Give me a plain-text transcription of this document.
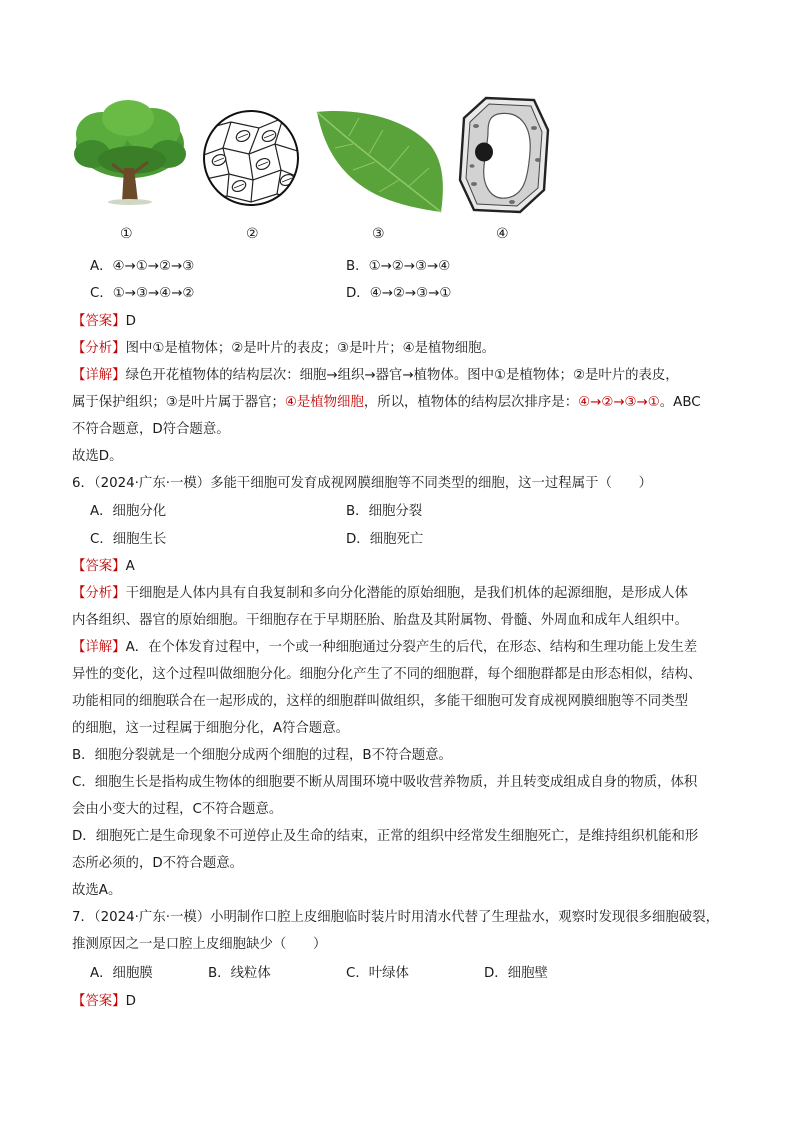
①	②	③	④
A．④→①→②→③	B．①→②→③→④
C．①→③→④→②	D．④→②→③→①
【答案】D
【分析】图中①是植物体；②是叶片的表皮；③是叶片；④是植物细胞。
【详解】绿色开花植物体的结构层次：细胞→组织→器官→植物体。图中①是植物体；②是叶片的表皮，
属于保护组织；③是叶片属于器官；④是植物细胞，所以，植物体的结构层次排序是：④→②→③→①。ABC
不符合题意，D符合题意。
故选D。
6．（2024·广东·一模）多能干细胞可发育成视网膜细胞等不同类型的细胞，这一过程属于（　　）
A．细胞分化	B．细胞分裂
C．细胞生长	D．细胞死亡
【答案】A
【分析】干细胞是人体内具有自我复制和多向分化潜能的原始细胞，是我们机体的起源细胞，是形成人体
内各组织、器官的原始细胞。干细胞存在于早期胚胎、胎盘及其附属物、骨髓、外周血和成年人组织中。
【详解】A．在个体发育过程中，一个或一种细胞通过分裂产生的后代，在形态、结构和生理功能上发生差
异性的变化，这个过程叫做细胞分化。细胞分化产生了不同的细胞群，每个细胞群都是由形态相似，结构、
功能相同的细胞联合在一起形成的，这样的细胞群叫做组织，多能干细胞可发育成视网膜细胞等不同类型
的细胞，这一过程属于细胞分化，A符合题意。
B．细胞分裂就是一个细胞分成两个细胞的过程，B不符合题意。
C．细胞生长是指构成生物体的细胞要不断从周围环境中吸收营养物质，并且转变成组成自身的物质，体积
会由小变大的过程，C不符合题意。
D．细胞死亡是生命现象不可逆停止及生命的结束，正常的组织中经常发生细胞死亡，是维持组织机能和形
态所必须的，D不符合题意。
故选A。
7．（2024·广东·一模）小明制作口腔上皮细胞临时装片时用清水代替了生理盐水，观察时发现很多细胞破裂，
推测原因之一是口腔上皮细胞缺少（　　）
A．细胞膜	B．线粒体	C．叶绿体	D．细胞壁
【答案】D
